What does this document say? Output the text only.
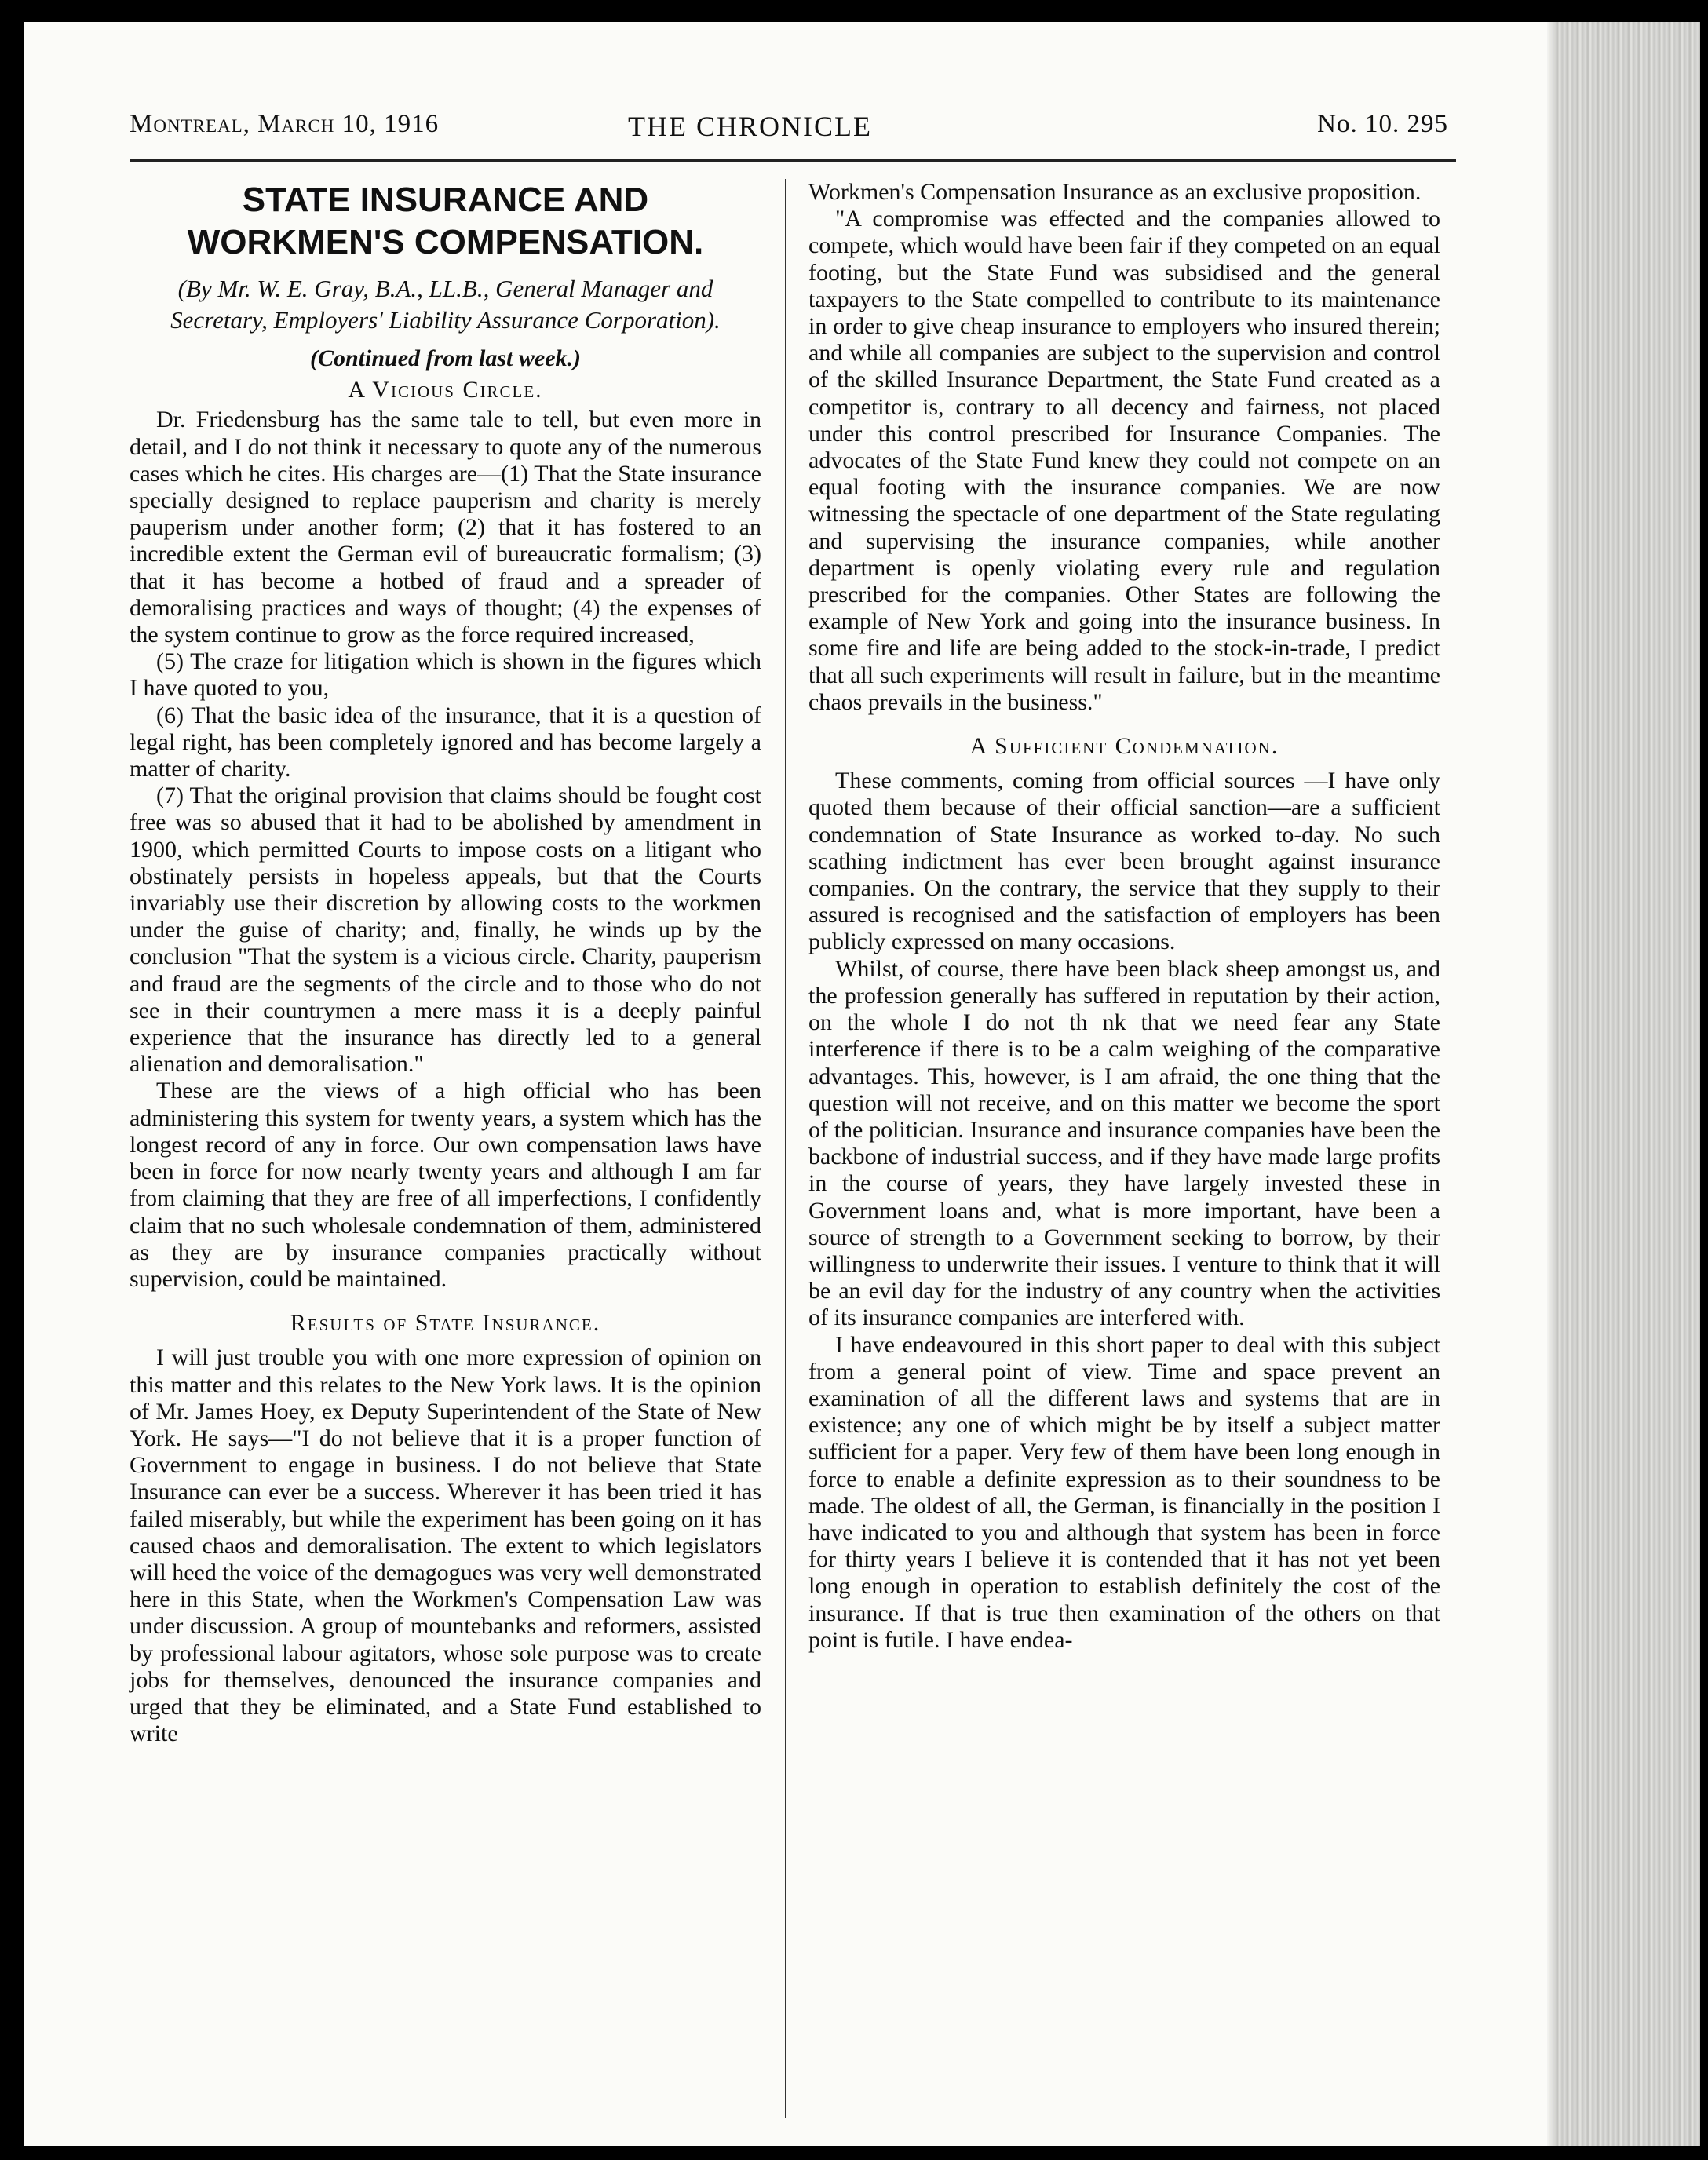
Montreal, March 10, 1916	THE CHRONICLE	No. 10. 295
STATE INSURANCE AND WORKMEN'S COMPENSATION.
(By Mr. W. E. Gray, B.A., LL.B., General Manager and Secretary, Employers' Liability Assurance Corporation).
(Continued from last week.)
A Vicious Circle.

Dr. Friedensburg has the same tale to tell, but even more in detail, and I do not think it necessary to quote any of the numerous cases which he cites. His charges are—(1) That the State insurance specially designed to replace pauperism and charity is merely pauperism under another form; (2) that it has fostered to an incredible extent the German evil of bureaucratic formalism; (3) that it has become a hotbed of fraud and a spreader of demoralising practices and ways of thought; (4) the expenses of the system continue to grow as the force required increased,

(5) The craze for litigation which is shown in the figures which I have quoted to you,

(6) That the basic idea of the insurance, that it is a question of legal right, has been completely ignored and has become largely a matter of charity.

(7) That the original provision that claims should be fought cost free was so abused that it had to be abolished by amendment in 1900, which permitted Courts to impose costs on a litigant who obstinately persists in hopeless appeals, but that the Courts invariably use their discretion by allowing costs to the workmen under the guise of charity; and, finally, he winds up by the conclusion "That the system is a vicious circle. Charity, pauperism and fraud are the segments of the circle and to those who do not see in their countrymen a mere mass it is a deeply painful experience that the insurance has directly led to a general alienation and demoralisation."

These are the views of a high official who has been administering this system for twenty years, a system which has the longest record of any in force. Our own compensation laws have been in force for now nearly twenty years and although I am far from claiming that they are free of all imperfections, I confidently claim that no such wholesale condemnation of them, administered as they are by insurance companies practically without supervision, could be maintained.

Results of State Insurance.

I will just trouble you with one more expression of opinion on this matter and this relates to the New York laws. It is the opinion of Mr. James Hoey, ex Deputy Superintendent of the State of New York. He says—"I do not believe that it is a proper function of Government to engage in business. I do not believe that State Insurance can ever be a success. Wherever it has been tried it has failed miserably, but while the experiment has been going on it has caused chaos and demoralisation. The extent to which legislators will heed the voice of the demagogues was very well demonstrated here in this State, when the Workmen's Compensation Law was under discussion. A group of mountebanks and reformers, assisted by professional labour agitators, whose sole purpose was to create jobs for themselves, denounced the insurance companies and urged that they be eliminated, and a State Fund established to write

Workmen's Compensation Insurance as an exclusive proposition.

"A compromise was effected and the companies allowed to compete, which would have been fair if they competed on an equal footing, but the State Fund was subsidised and the general taxpayers to the State compelled to contribute to its maintenance in order to give cheap insurance to employers who insured therein; and while all companies are subject to the supervision and control of the skilled Insurance Department, the State Fund created as a competitor is, contrary to all decency and fairness, not placed under this control prescribed for Insurance Companies. The advocates of the State Fund knew they could not compete on an equal footing with the insurance companies. We are now witnessing the spectacle of one department of the State regulating and supervising the insurance companies, while another department is openly violating every rule and regulation prescribed for the companies. Other States are following the example of New York and going into the insurance business. In some fire and life are being added to the stock-in-trade, I predict that all such experiments will result in failure, but in the meantime chaos prevails in the business."

A Sufficient Condemnation.

These comments, coming from official sources —I have only quoted them because of their official sanction—are a sufficient condemnation of State Insurance as worked to-day. No such scathing indictment has ever been brought against insurance companies. On the contrary, the service that they supply to their assured is recognised and the satisfaction of employers has been publicly expressed on many occasions.

Whilst, of course, there have been black sheep amongst us, and the profession generally has suffered in reputation by their action, on the whole I do not th nk that we need fear any State interference if there is to be a calm weighing of the comparative advantages. This, however, is I am afraid, the one thing that the question will not receive, and on this matter we become the sport of the politician. Insurance and insurance companies have been the backbone of industrial success, and if they have made large profits in the course of years, they have largely invested these in Government loans and, what is more important, have been a source of strength to a Government seeking to borrow, by their willingness to underwrite their issues. I venture to think that it will be an evil day for the industry of any country when the activities of its insurance companies are interfered with.

I have endeavoured in this short paper to deal with this subject from a general point of view. Time and space prevent an examination of all the different laws and systems that are in existence; any one of which might be by itself a subject matter sufficient for a paper. Very few of them have been long enough in force to enable a definite expression as to their soundness to be made. The oldest of all, the German, is financially in the position I have indicated to you and although that system has been in force for thirty years I believe it is contended that it has not yet been long enough in operation to establish definitely the cost of the insurance. If that is true then examination of the others on that point is futile. I have endea-
